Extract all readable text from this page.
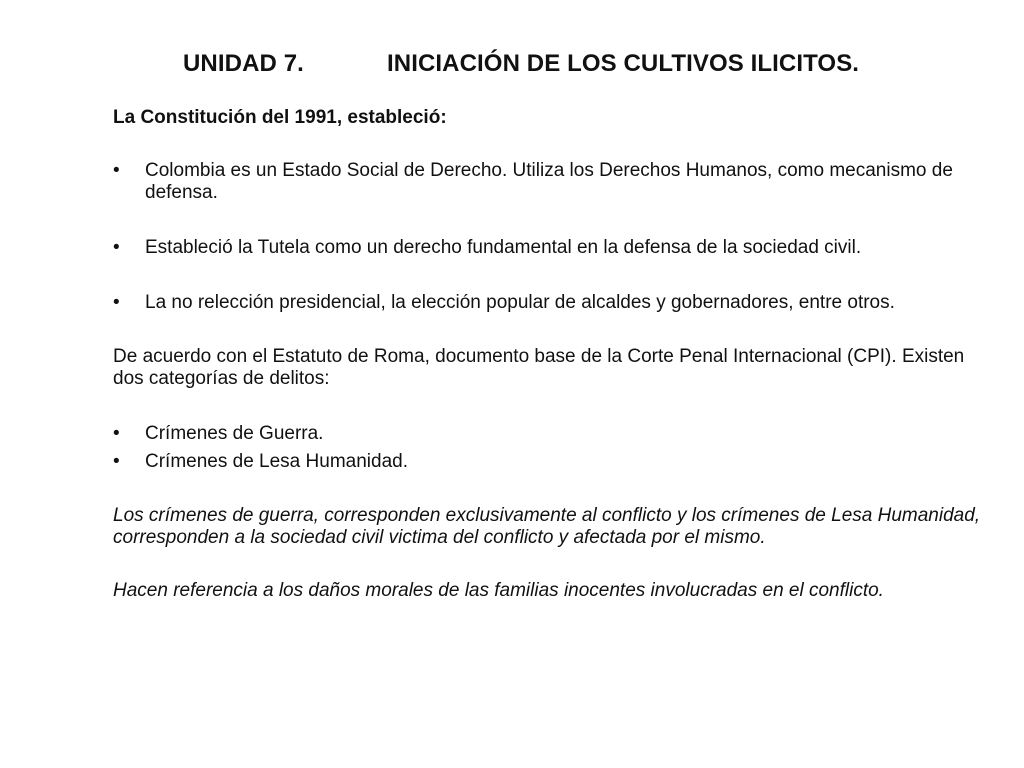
UNIDAD 7.	INICIACIÓN DE LOS CULTIVOS ILICITOS.
La Constitución del 1991, estableció:
•	Colombia es un Estado Social de Derecho. Utiliza los Derechos Humanos, como mecanismo de defensa.
•	Estableció la Tutela como un derecho fundamental en la defensa de la sociedad civil.
•	La no relección presidencial, la elección popular de alcaldes y gobernadores, entre otros.
De acuerdo con el Estatuto de Roma, documento base de la Corte Penal Internacional (CPI). Existen dos categorías de delitos:
•	Crímenes de Guerra.
•	Crímenes de Lesa Humanidad.
Los crímenes de guerra, corresponden exclusivamente al conflicto y los crímenes de Lesa Humanidad, corresponden a la sociedad civil victima del conflicto y afectada por el mismo.
Hacen referencia a los daños morales de las familias inocentes involucradas en el conflicto.
